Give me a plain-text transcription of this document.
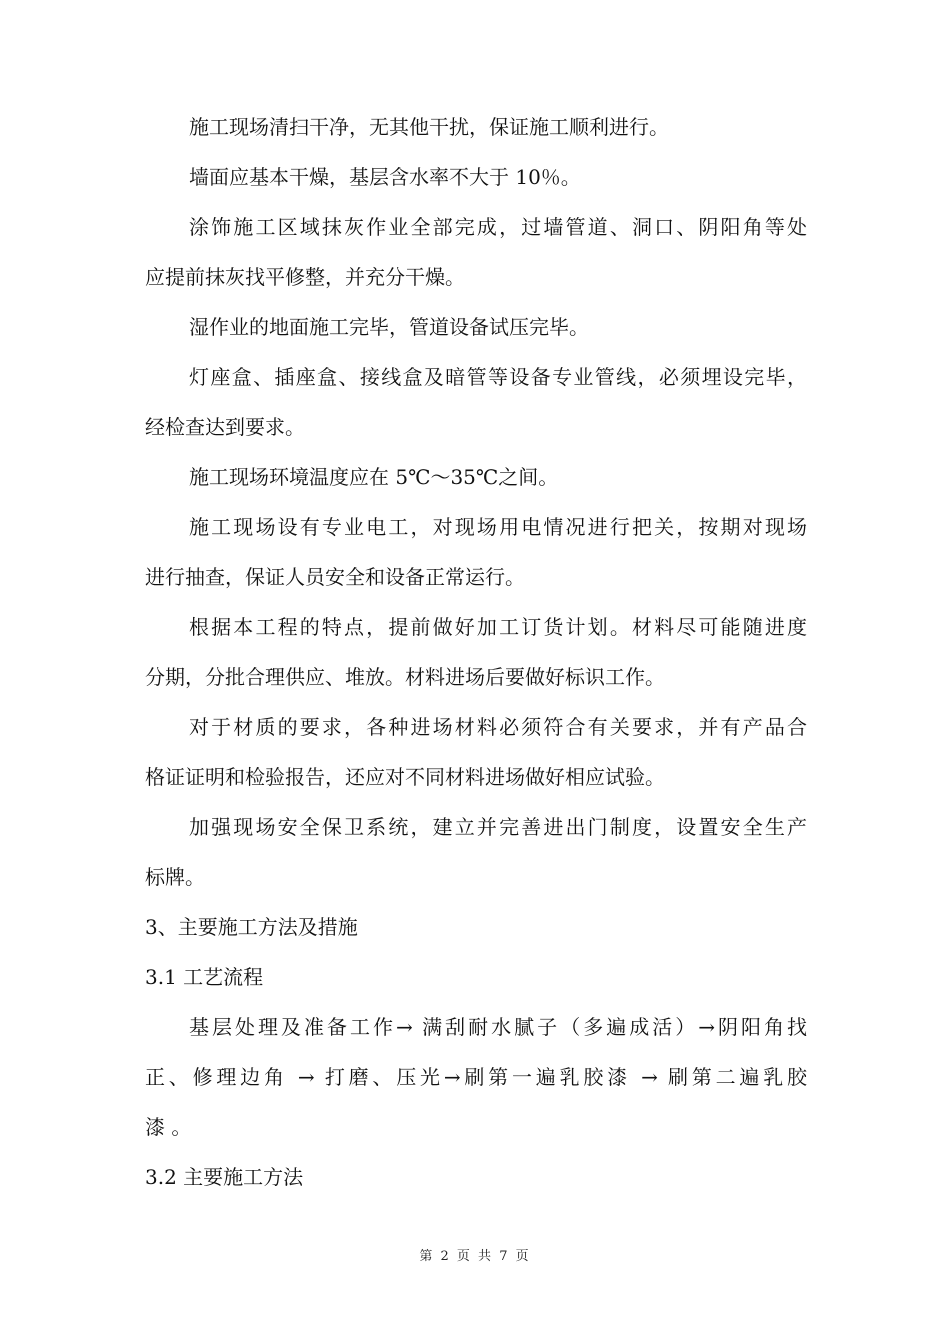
施工现场清扫干净，无其他干扰，保证施工顺利进行。
墙面应基本干燥，基层含水率不大于 10％。
涂饰施工区域抹灰作业全部完成，过墙管道、洞口、阴阳角等处
应提前抹灰找平修整，并充分干燥。
湿作业的地面施工完毕，管道设备试压完毕。
灯座盒、插座盒、接线盒及暗管等设备专业管线，必须埋设完毕，
经检查达到要求。
施工现场环境温度应在 5℃～35℃之间。
施工现场设有专业电工，对现场用电情况进行把关，按期对现场
进行抽查，保证人员安全和设备正常运行。
根据本工程的特点，提前做好加工订货计划。材料尽可能随进度
分期，分批合理供应、堆放。材料进场后要做好标识工作。
对于材质的要求，各种进场材料必须符合有关要求，并有产品合
格证证明和检验报告，还应对不同材料进场做好相应试验。
加强现场安全保卫系统，建立并完善进出门制度，设置安全生产
标牌。
3、主要施工方法及措施
3.1 工艺流程
基层处理及准备工作→ 满刮耐水腻子（多遍成活）→阴阳角找
正、修理边角 → 打磨、压光→刷第一遍乳胶漆 → 刷第二遍乳胶
漆 。
3.2 主要施工方法
第 2 页 共 7 页
